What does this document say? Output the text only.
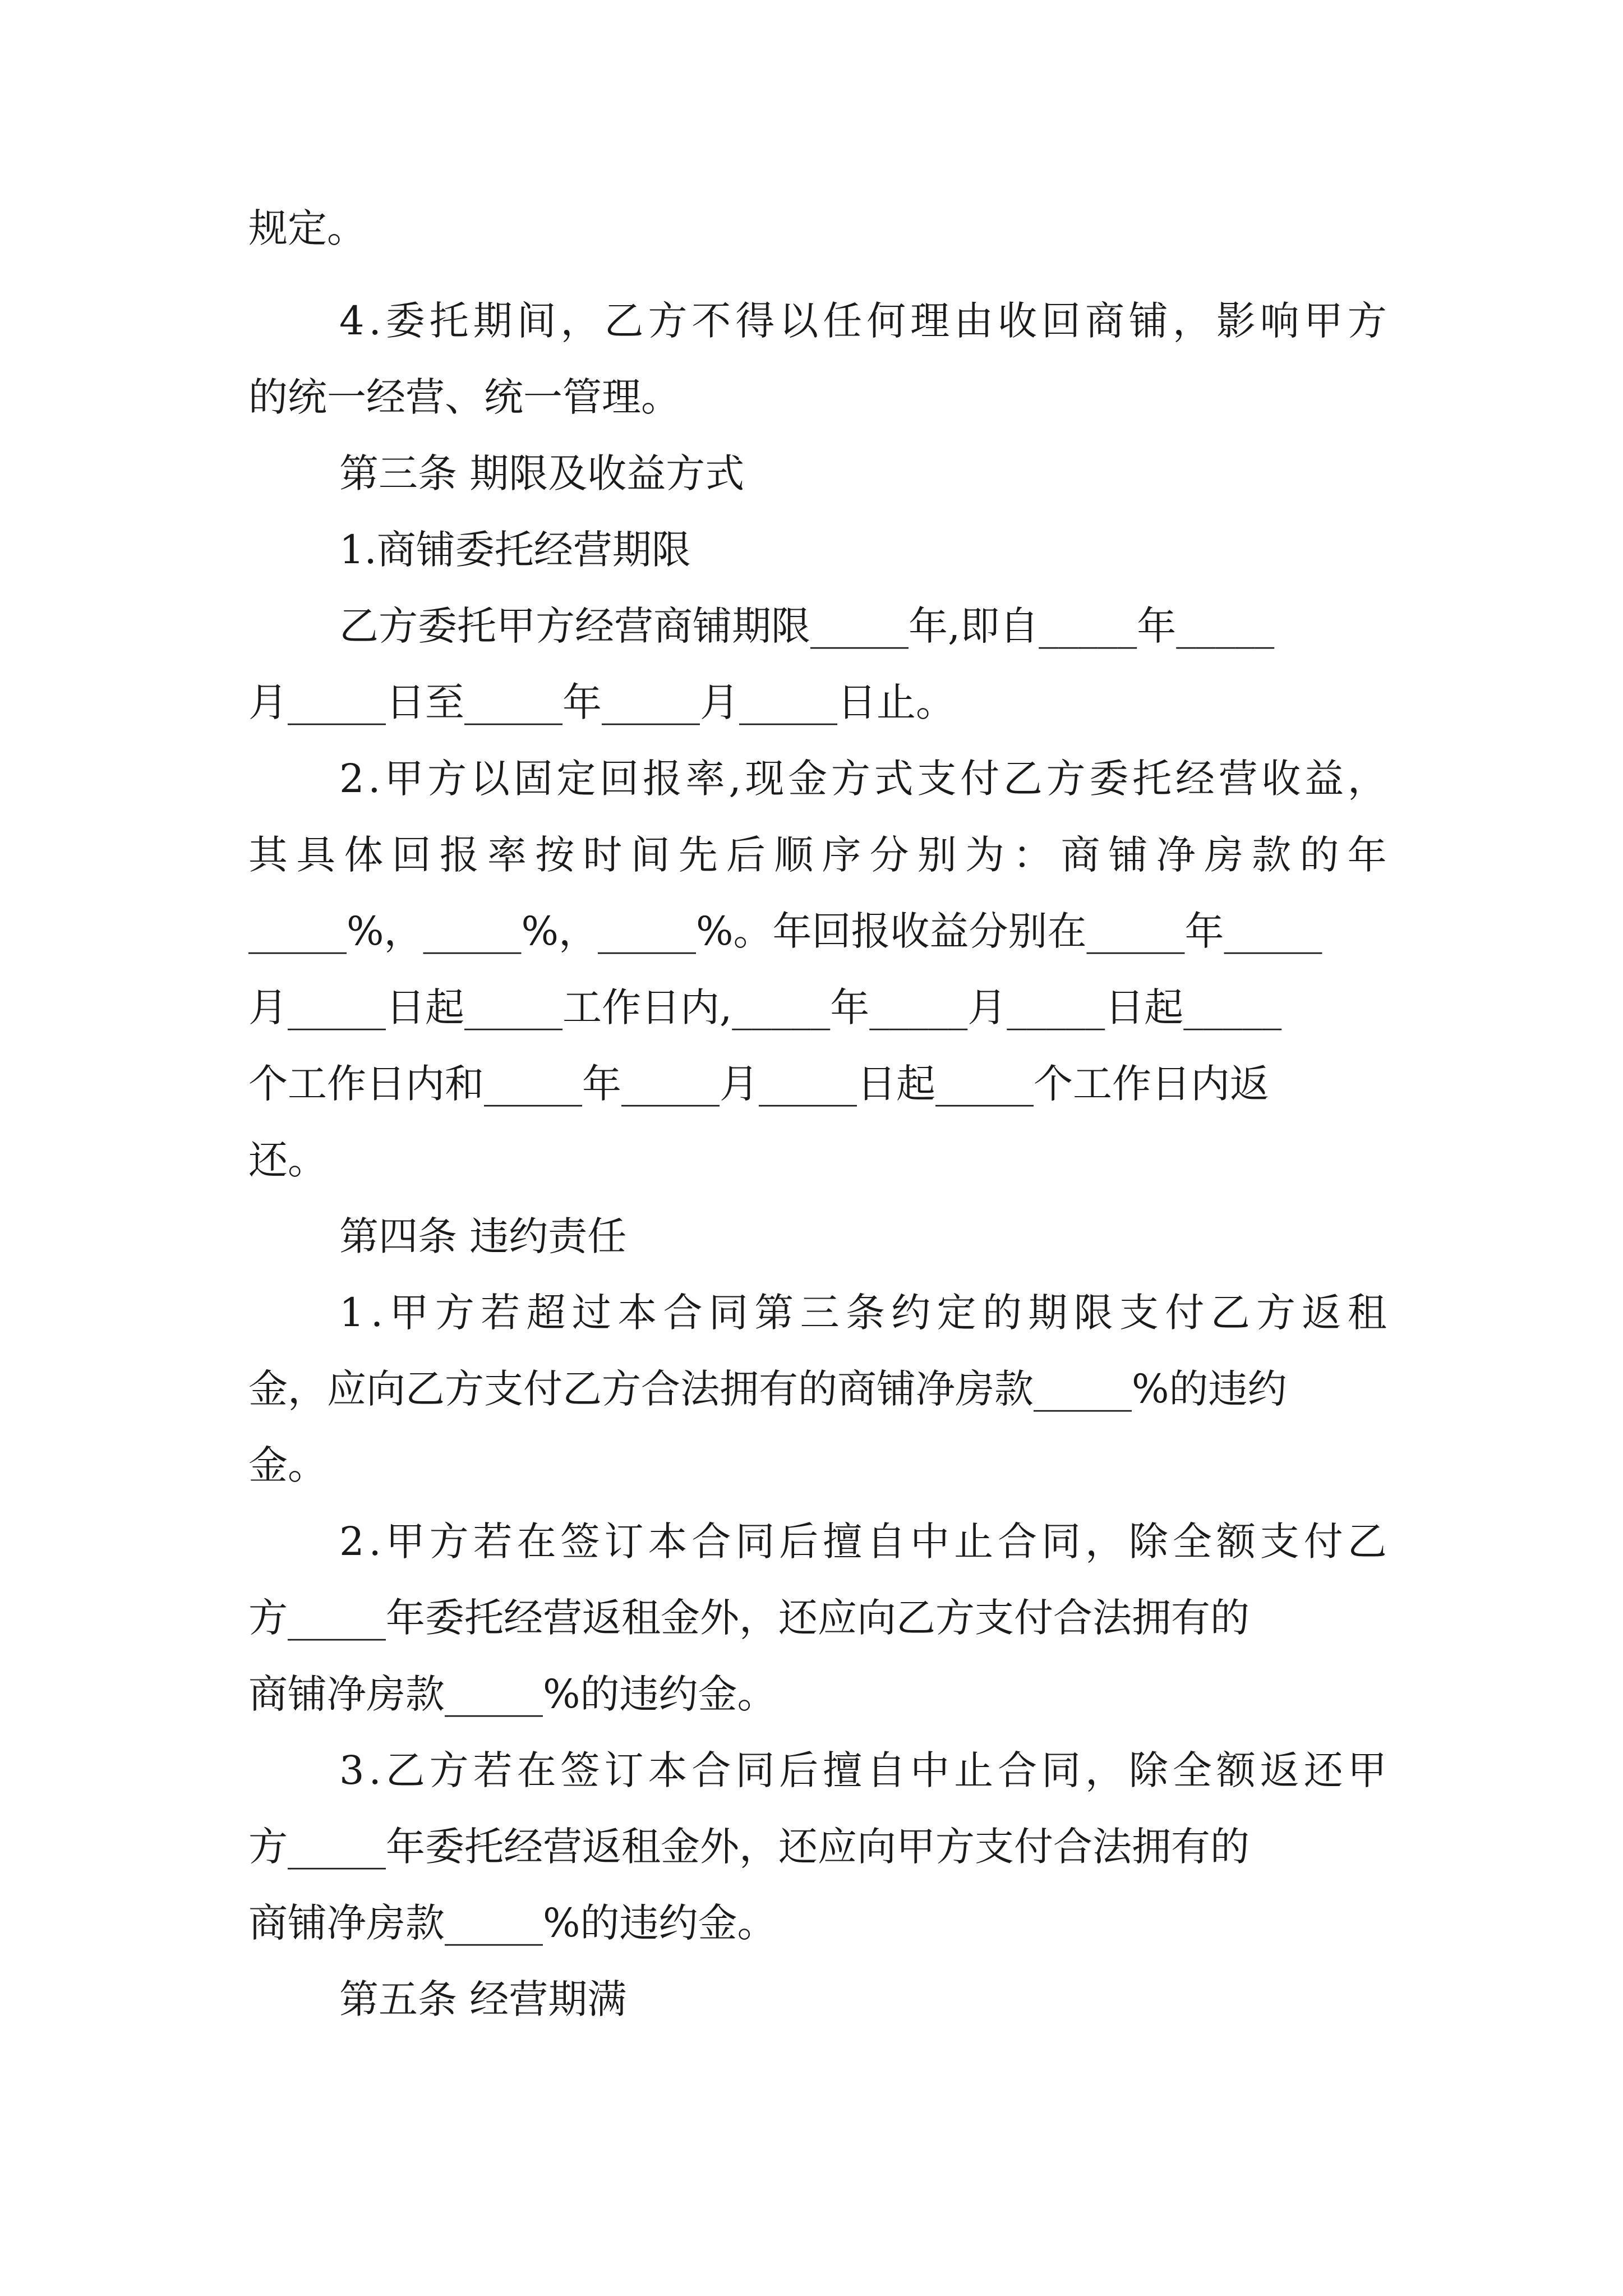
规定。
4 . 委 托 期 间 ， 乙 方 不 得 以 任 何 理 由 收 回 商 铺 ， 影 响 甲 方
的统一经营、统一管理。
第三条 期限及收益方式
1.商铺委托经营期限
乙方委托甲方经营商铺期限_____年,即自_____年_____
月_____日至_____年_____月_____日止。
2 . 甲 方 以 固 定 回 报 率 , 现 金 方 式 支 付 乙 方 委 托 经 营 收 益 ，
其 具 体 回 报 率 按 时 间 先 后 顺 序 分 别 为 ： 商 铺 净 房 款 的 年
_____%，_____%，_____%。年回报收益分别在_____年_____
月_____日起_____工作日内,_____年_____月_____日起_____
个工作日内和_____年_____月_____日起_____个工作日内返
还。
第四条 违约责任
1 . 甲 方 若 超 过 本 合 同 第 三 条 约 定 的 期 限 支 付 乙 方 返 租
金，应向乙方支付乙方合法拥有的商铺净房款_____%的违约
金。
2 . 甲 方 若 在 签 订 本 合 同 后 擅 自 中 止 合 同 ， 除 全 额 支 付 乙
方_____年委托经营返租金外，还应向乙方支付合法拥有的
商铺净房款_____%的违约金。
3 . 乙 方 若 在 签 订 本 合 同 后 擅 自 中 止 合 同 ， 除 全 额 返 还 甲
方_____年委托经营返租金外，还应向甲方支付合法拥有的
商铺净房款_____%的违约金。
第五条 经营期满
